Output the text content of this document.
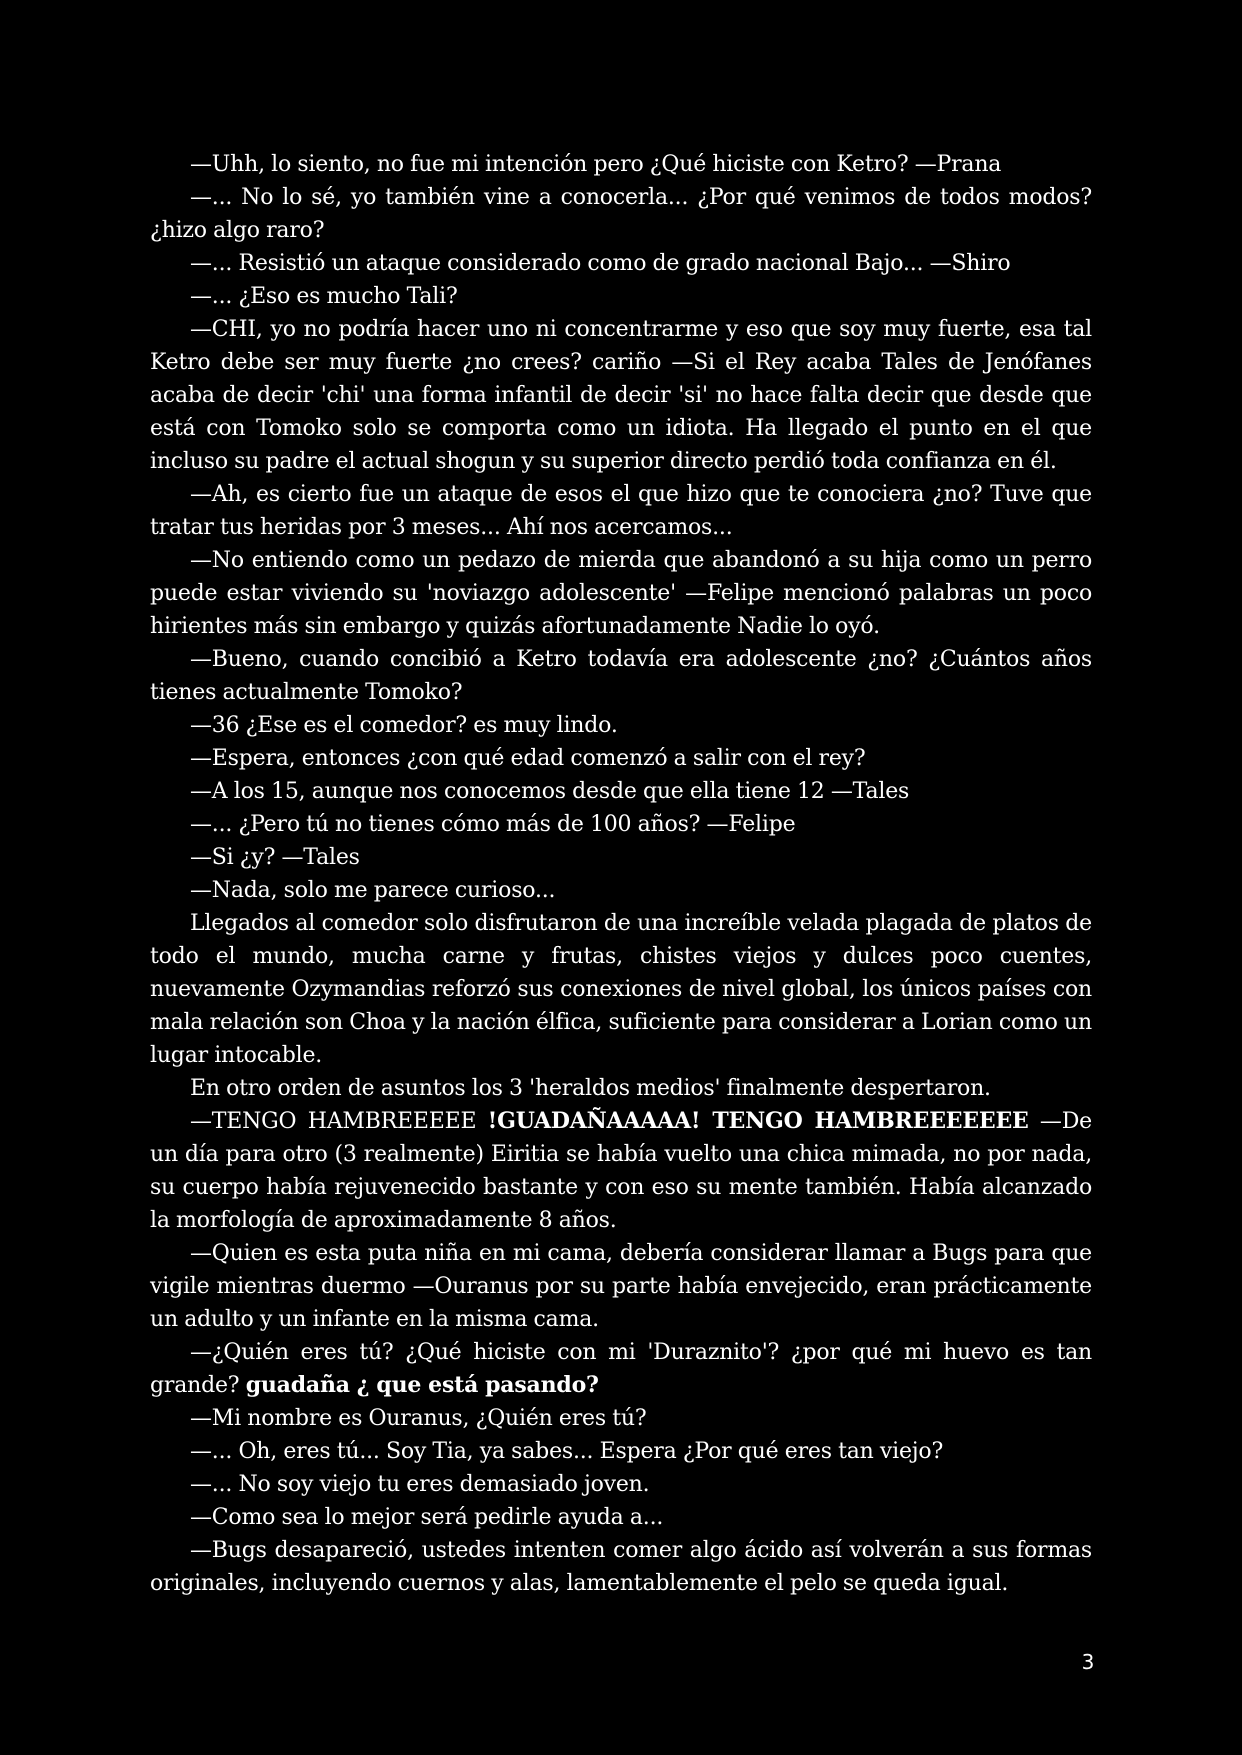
—Uhh, lo siento, no fue mi intención pero ¿Qué hiciste con Ketro? —Prana

—... No lo sé, yo también vine a conocerla... ¿Por qué venimos de todos modos? ¿hizo algo raro?

—... Resistió un ataque considerado como de grado nacional Bajo... —Shiro

—... ¿Eso es mucho Tali?

—CHI, yo no podría hacer uno ni concentrarme y eso que soy muy fuerte, esa tal Ketro debe ser muy fuerte ¿no crees? cariño —Si el Rey acaba Tales de Jenófanes acaba de decir 'chi' una forma infantil de decir 'si' no hace falta decir que desde que está con Tomoko solo se comporta como un idiota. Ha llegado el punto en el que incluso su padre el actual shogun y su superior directo perdió toda confianza en él.

—Ah, es cierto fue un ataque de esos el que hizo que te conociera ¿no? Tuve que tratar tus heridas por 3 meses... Ahí nos acercamos...

—No entiendo como un pedazo de mierda que abandonó a su hija como un perro puede estar viviendo su 'noviazgo adolescente' —Felipe mencionó palabras un poco hirientes más sin embargo y quizás afortunadamente Nadie lo oyó.

—Bueno, cuando concibió a Ketro todavía era adolescente ¿no? ¿Cuántos años tienes actualmente Tomoko?

—36 ¿Ese es el comedor? es muy lindo.

—Espera, entonces ¿con qué edad comenzó a salir con el rey?

—A los 15, aunque nos conocemos desde que ella tiene 12 —Tales

—... ¿Pero tú no tienes cómo más de 100 años? —Felipe

—Si ¿y? —Tales

—Nada, solo me parece curioso...

Llegados al comedor solo disfrutaron de una increíble velada plagada de platos de todo el mundo, mucha carne y frutas, chistes viejos y dulces poco cuentes, nuevamente Ozymandias reforzó sus conexiones de nivel global, los únicos países con mala relación son Choa y la nación élfica, suficiente para considerar a Lorian como un lugar intocable.

En otro orden de asuntos los 3 'heraldos medios' finalmente despertaron.

—TENGO HAMBREEEEE !GUADAÑAAAAA! TENGO HAMBREEEEEEE —De un día para otro (3 realmente) Eiritia se había vuelto una chica mimada, no por nada, su cuerpo había rejuvenecido bastante y con eso su mente también. Había alcanzado la morfología de aproximadamente 8 años.

—Quien es esta puta niña en mi cama, debería considerar llamar a Bugs para que vigile mientras duermo —Ouranus por su parte había envejecido, eran prácticamente un adulto y un infante en la misma cama.

—¿Quién eres tú? ¿Qué hiciste con mi 'Duraznito'? ¿por qué mi huevo es tan grande? guadaña ¿ que está pasando?

—Mi nombre es Ouranus, ¿Quién eres tú?

—... Oh, eres tú... Soy Tia, ya sabes... Espera ¿Por qué eres tan viejo?

—... No soy viejo tu eres demasiado joven.

—Como sea lo mejor será pedirle ayuda a...

—Bugs desapareció, ustedes intenten comer algo ácido así volverán a sus formas originales, incluyendo cuernos y alas, lamentablemente el pelo se queda igual.

3
